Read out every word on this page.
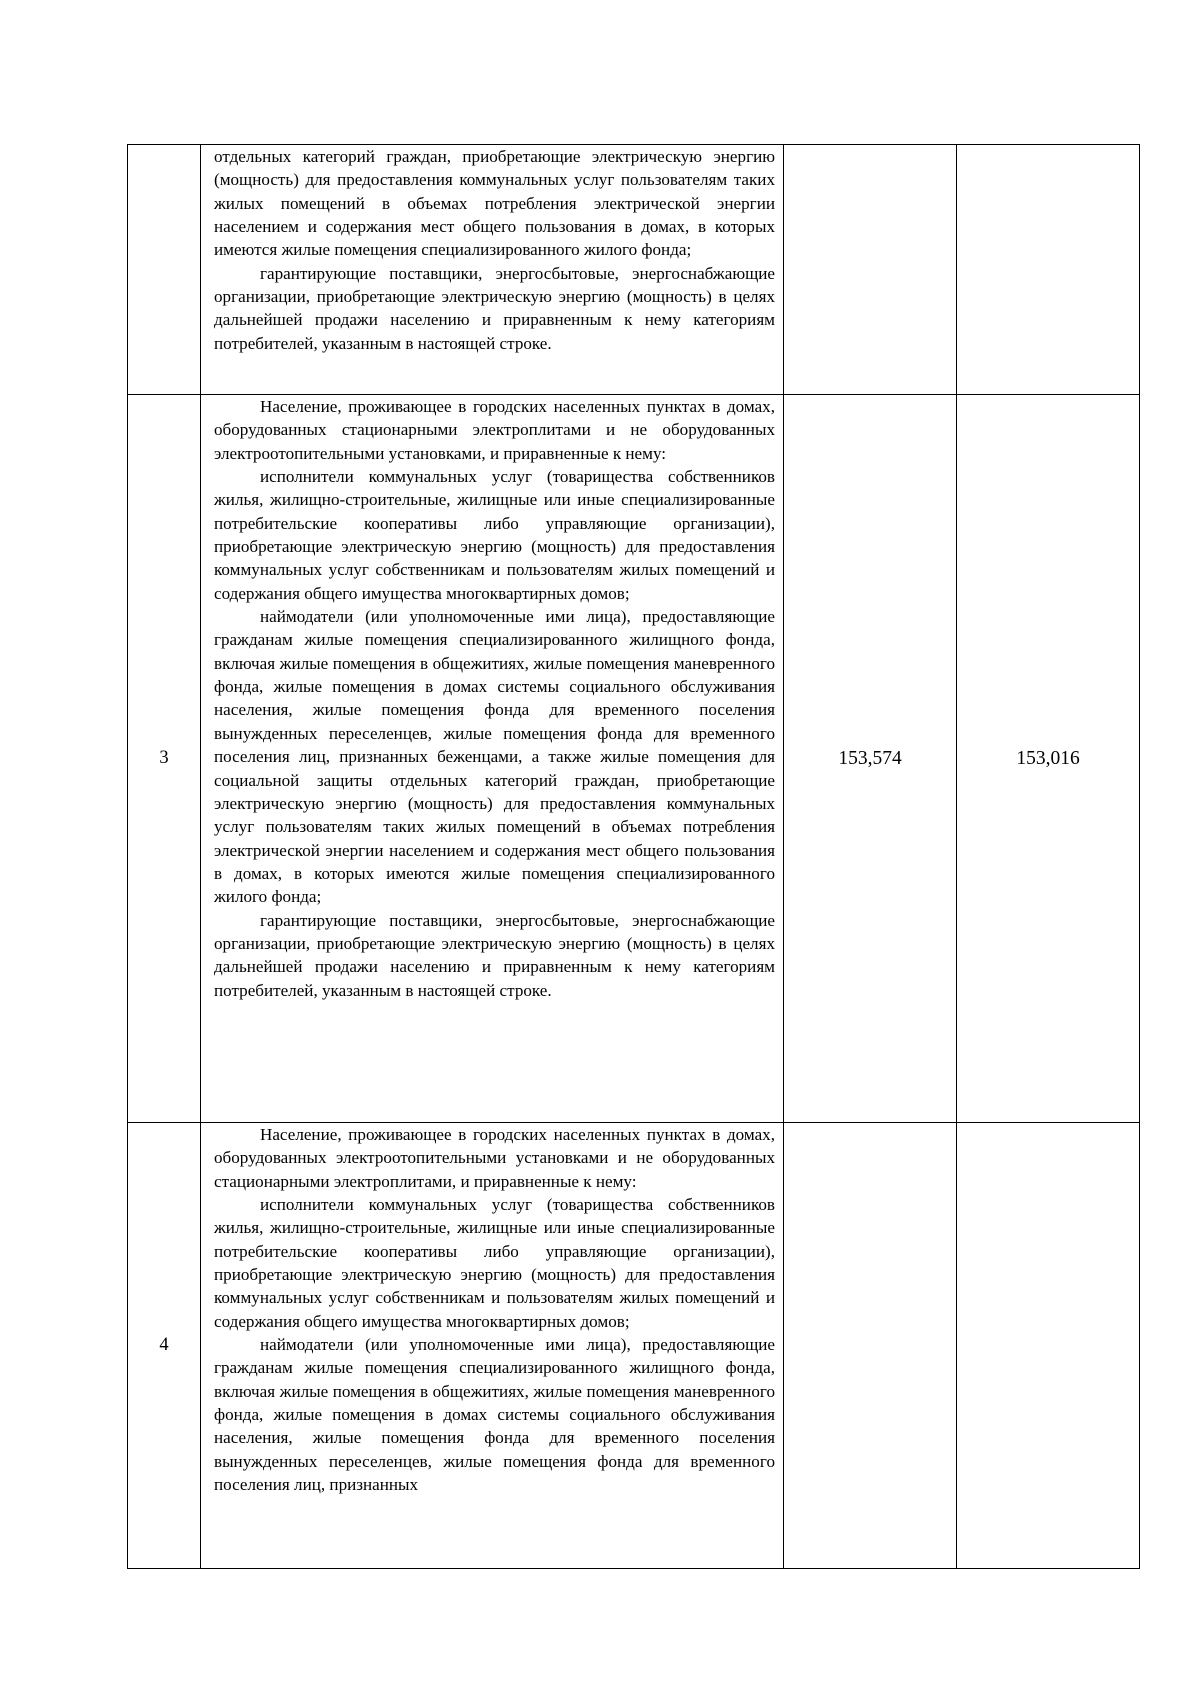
	отдельных категорий граждан, приобретающие электрическую энергию (мощность) для предоставления коммунальных услуг пользователям таких жилых помещений в объемах потребления электрической энергии населением и содержания мест общего пользования в домах, в которых имеются жилые помещения специализированного жилого фонда;

гарантирующие поставщики, энергосбытовые, энергоснабжающие организации, приобретающие электрическую энергию (мощность) в целях дальнейшей продажи населению и приравненным к нему категориям потребителей, указанным в настоящей строке.		

3	Население, проживающее в городских населенных пунктах в домах, оборудованных стационарными электроплитами и не оборудованных электроотопительными установками, и приравненные к нему:

исполнители коммунальных услуг (товарищества собственников жилья, жилищно-строительные, жилищные или иные специализированные потребительские кооперативы либо управляющие организации), приобретающие электрическую энергию (мощность) для предоставления коммунальных услуг собственникам и пользователям жилых помещений и содержания общего имущества многоквартирных домов;

наймодатели (или уполномоченные ими лица), предоставляющие гражданам жилые помещения специализированного жилищного фонда, включая жилые помещения в общежитиях, жилые помещения маневренного фонда, жилые помещения в домах системы социального обслуживания населения, жилые помещения фонда для временного поселения вынужденных переселенцев, жилые помещения фонда для временного поселения лиц, признанных беженцами, а также жилые помещения для социальной защиты отдельных категорий граждан, приобретающие электрическую энергию (мощность) для предоставления коммунальных услуг пользователям таких жилых помещений в объемах потребления электрической энергии населением и содержания мест общего пользования в домах, в которых имеются жилые помещения специализированного жилого фонда;

гарантирующие поставщики, энергосбытовые, энергоснабжающие организации, приобретающие электрическую энергию (мощность) в целях дальнейшей продажи населению и приравненным к нему категориям потребителей, указанным в настоящей строке.	153,574	153,016
4	Население, проживающее в городских населенных пунктах в домах, оборудованных электроотопительными установками и не оборудованных стационарными электроплитами, и приравненные к нему:

исполнители коммунальных услуг (товарищества собственников жилья, жилищно-строительные, жилищные или иные специализированные потребительские кооперативы либо управляющие организации), приобретающие электрическую энергию (мощность) для предоставления коммунальных услуг собственникам и пользователям жилых помещений и содержания общего имущества многоквартирных домов;

наймодатели (или уполномоченные ими лица), предоставляющие гражданам жилые помещения специализированного жилищного фонда, включая жилые помещения в общежитиях, жилые помещения маневренного фонда, жилые помещения в домах системы социального обслуживания населения, жилые помещения фонда для временного поселения вынужденных переселенцев, жилые помещения фонда для временного поселения лиц, признанных		
